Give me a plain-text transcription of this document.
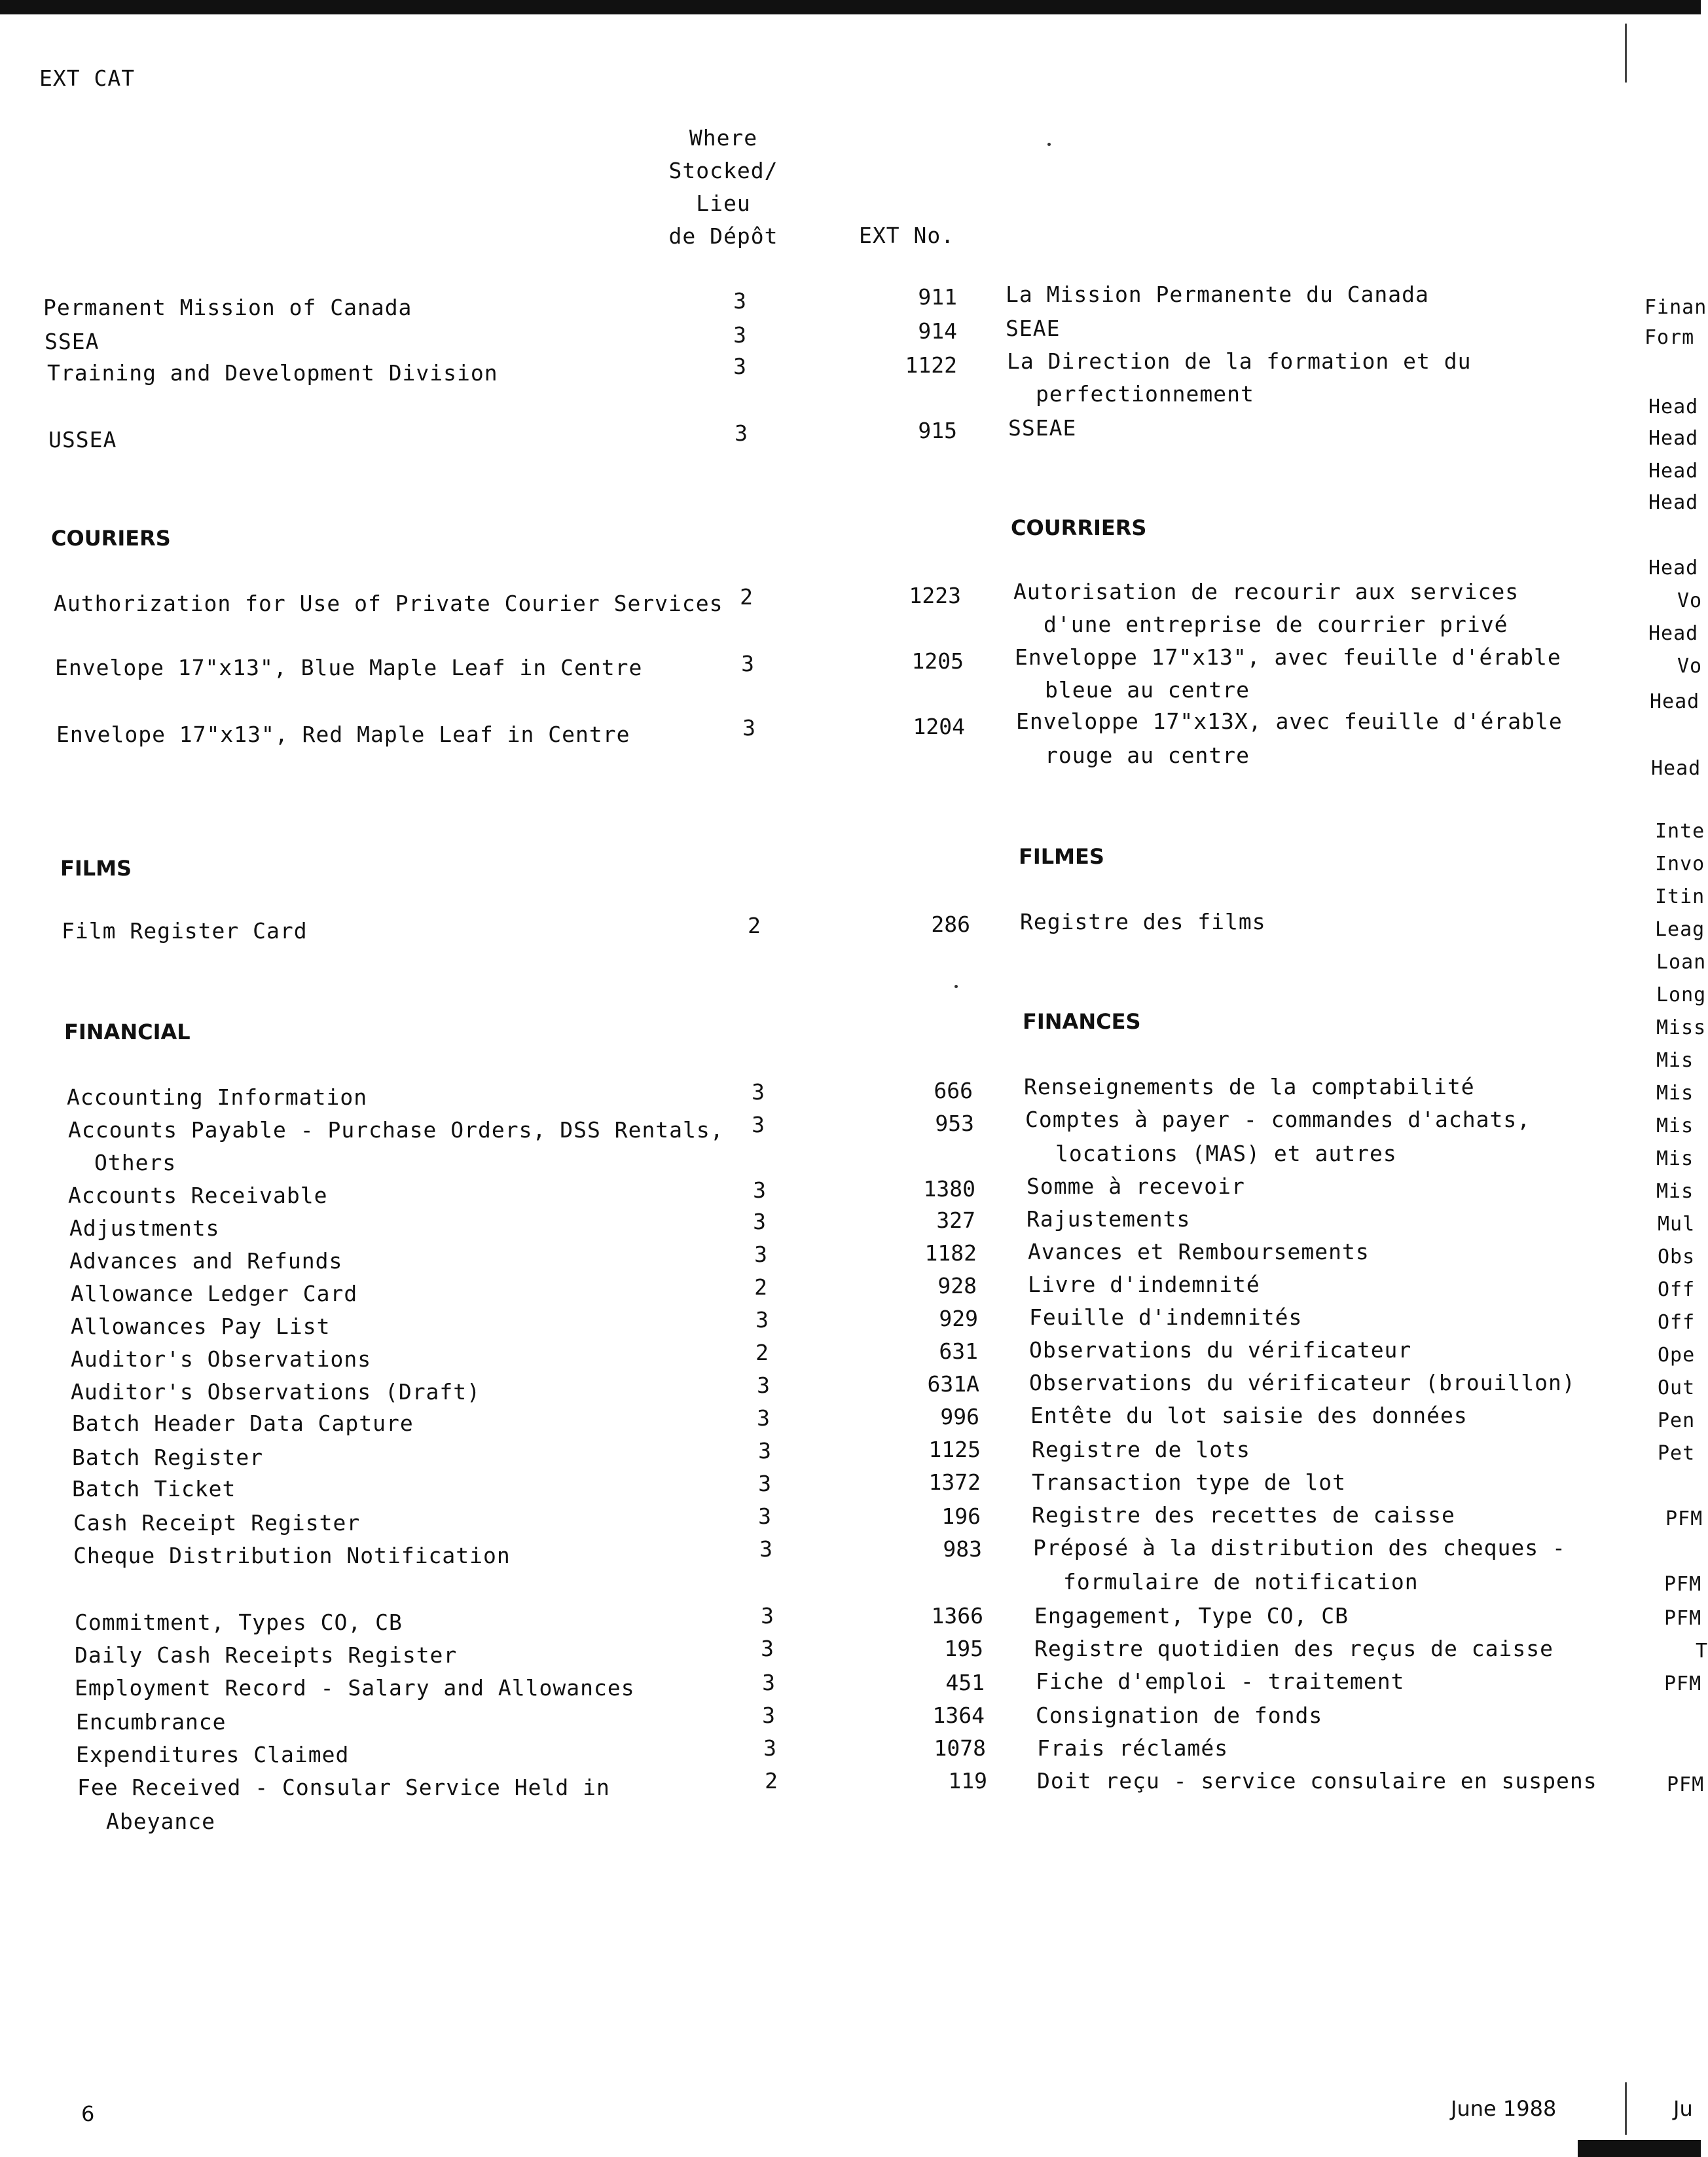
EXT CAT
Where
Stocked/
Lieu
de Dépôt	EXT No.
Permanent Mission of Canada	3	911 La Mission Permanente du Canada
SSEA	3	914 SEAE
Training and Development Division	3	1122 La Direction de la formation et du
perfectionnement
USSEA	3	915 SSEAE
COURIERS	COURRIERS
Authorization for Use of Private Courier Services 2	1223 Autorisation de recourir aux services
d'une entreprise de courrier privé
Envelope 17"x13", Blue Maple Leaf in Centre	3	1205 Enveloppe 17"x13", avec feuille d'érable
bleue au centre
Envelope 17"x13", Red Maple Leaf in Centre	3	1204 Enveloppe 17"x13X, avec feuille d'érable
rouge au centre
FILMS	FILMES
Film Register Card	2	286 Registre des films
FINANCIAL	FINANCES
Accounting Information	3	666 Renseignements de la comptabilité
Accounts Payable - Purchase Orders, DSS Rentals,
Others
3	953 Comptes à payer - commandes d'achats,
locations (MAS) et autres
Accounts Receivable	3	1380 Somme à recevoir
Adjustments	3	327 Rajustements
Advances and Refunds	3	1182 Avances et Remboursements
Allowance Ledger Card	2	928 Livre d'indemnité
Allowances Pay List	3	929 Feuille d'indemnités
Auditor's Observations	2	631 Observations du vérificateur
Auditor's Observations (Draft)	3	631A Observations du vérificateur (brouillon)
Batch Header Data Capture	3	996 Entête du lot saisie des données
Batch Register	3	1125 Registre de lots
Batch Ticket	3	1372 Transaction type de lot
Cash Receipt Register	3	196 Registre des recettes de caisse
Cheque Distribution Notification	3	983 Préposé à la distribution des cheques -
formulaire de notification
Commitment, Types CO, CB	3	1366 Engagement, Type CO, CB
Daily Cash Receipts Register	3	195 Registre quotidien des reçus de caisse
Employment Record - Salary and Allowances	3	451 Fiche d'emploi - traitement
Encumbrance	3	1364 Consignation de fonds
Expenditures Claimed	3	1078 Frais réclamés
Fee Received - Consular Service Held in
Abeyance
2	119 Doit reçu - service consulaire en suspens
6	June 1988	Ju
Finan
Form
Head
Head
Head
Head
Head
Vo
Head
Vo
Head
Head
Inte
Invo
Itin
Leag
Loan
Long
Miss
Mis
Mis
Mis
Mis
Mis
Mul
Obs
Off
Off
Ope
Out
Pen
Pet
PFM
PFM
PFM
T
PFM
PFM
